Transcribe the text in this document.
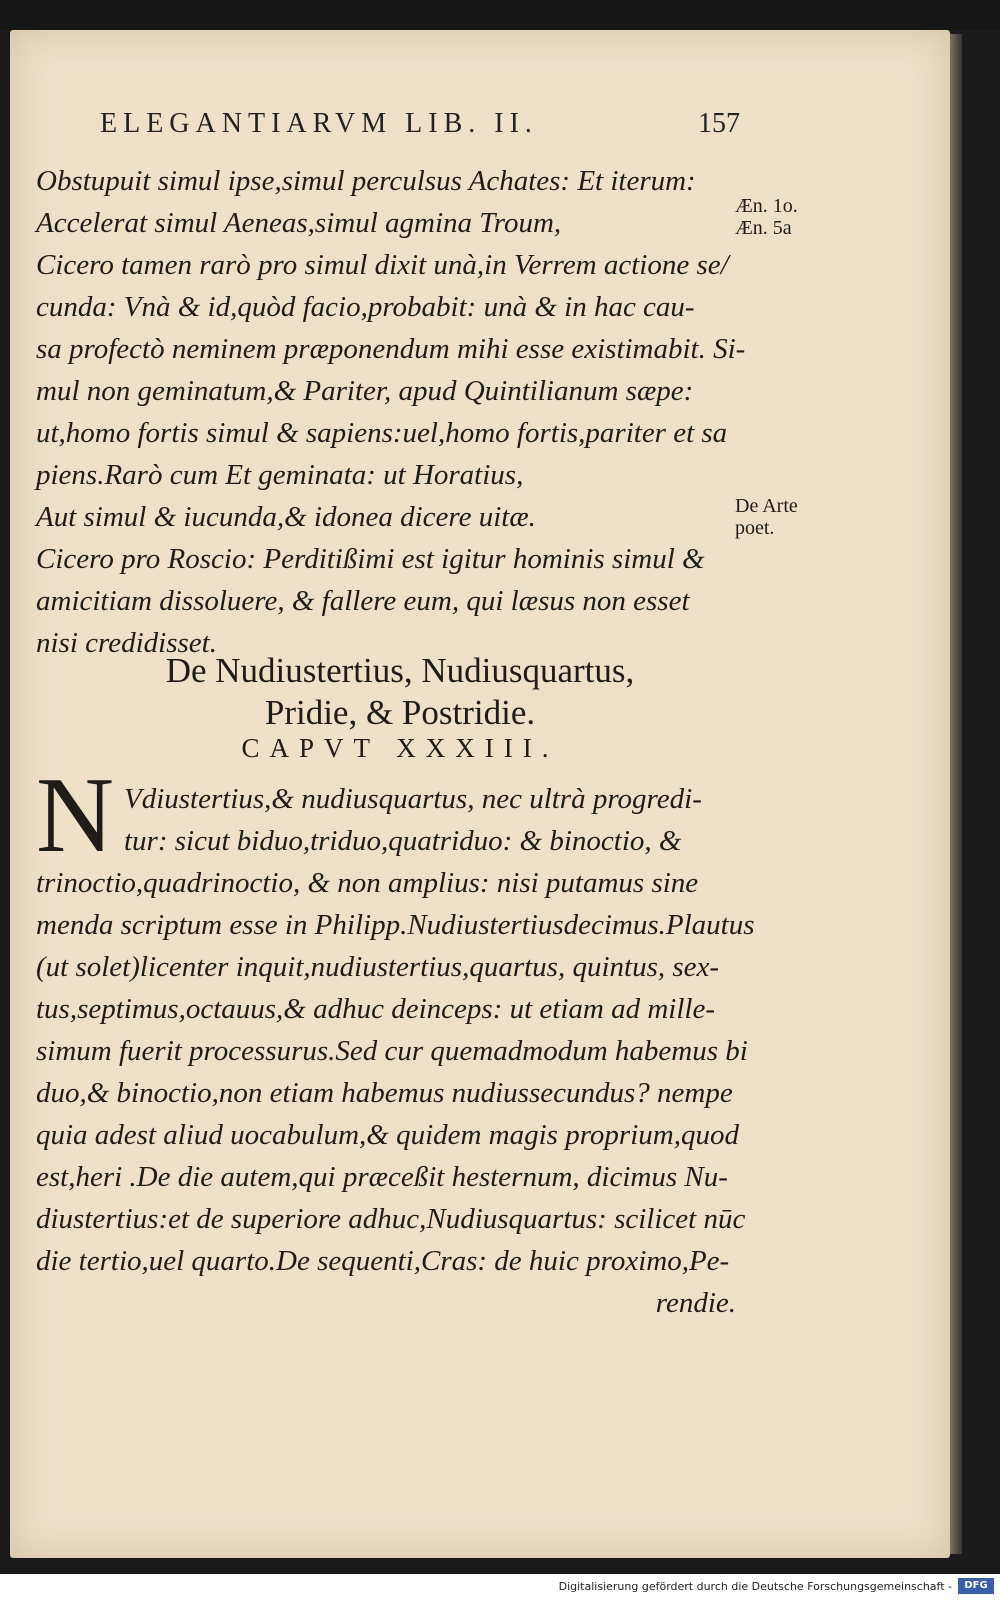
ELEGANTIARVM LIB. II.	157
Æn. 1o.
Æn. 5a
De Arte
poet.
Obstupuit simul ipse,simul perculsus Achates: Et iterum:
Accelerat simul Aeneas,simul agmina Troum,
Cicero tamen rarò pro simul dixit unà,in Verrem actione se/
cunda: Vnà & id,quòd facio,probabit: unà & in hac cau-
sa profectò neminem præponendum mihi esse existimabit. Si-
mul non geminatum,& Pariter, apud Quintilianum sæpe:
ut,homo fortis simul & sapiens:uel,homo fortis,pariter et sa
piens.Rarò cum Et geminata: ut Horatius,
Aut simul & iucunda,& idonea dicere uitæ.
Cicero pro Roscio: Perditißimi est igitur hominis simul &
amicitiam dissoluere, & fallere eum, qui læsus non esset
nisi credidisset.
De Nudiustertius, Nudiusquartus,
Pridie, & Postridie.
CAPVT XXXIII.
N Vdiustertius,& nudiusquartus, nec ultrà progredi-
tur: sicut biduo,triduo,quatriduo: & binoctio, &
trinoctio,quadrinoctio, & non amplius: nisi putamus sine
menda scriptum esse in Philipp.Nudiustertiusdecimus.Plautus
(ut solet)licenter inquit,nudiustertius,quartus, quintus, sex-
tus,septimus,octauus,& adhuc deinceps: ut etiam ad mille-
simum fuerit processurus.Sed cur quemadmodum habemus bi
duo,& binoctio,non etiam habemus nudiussecundus? nempe
quia adest aliud uocabulum,& quidem magis proprium,quod
est,heri .De die autem,qui præceßit hesternum, dicimus Nu-
diustertius:et de superiore adhuc,Nudiusquartus: scilicet nūc
die tertio,uel quarto.De sequenti,Cras: de huic proximo,Pe-
rendie.
Digitalisierung gefördert durch die Deutsche Forschungsgemeinschaft -	DFG
